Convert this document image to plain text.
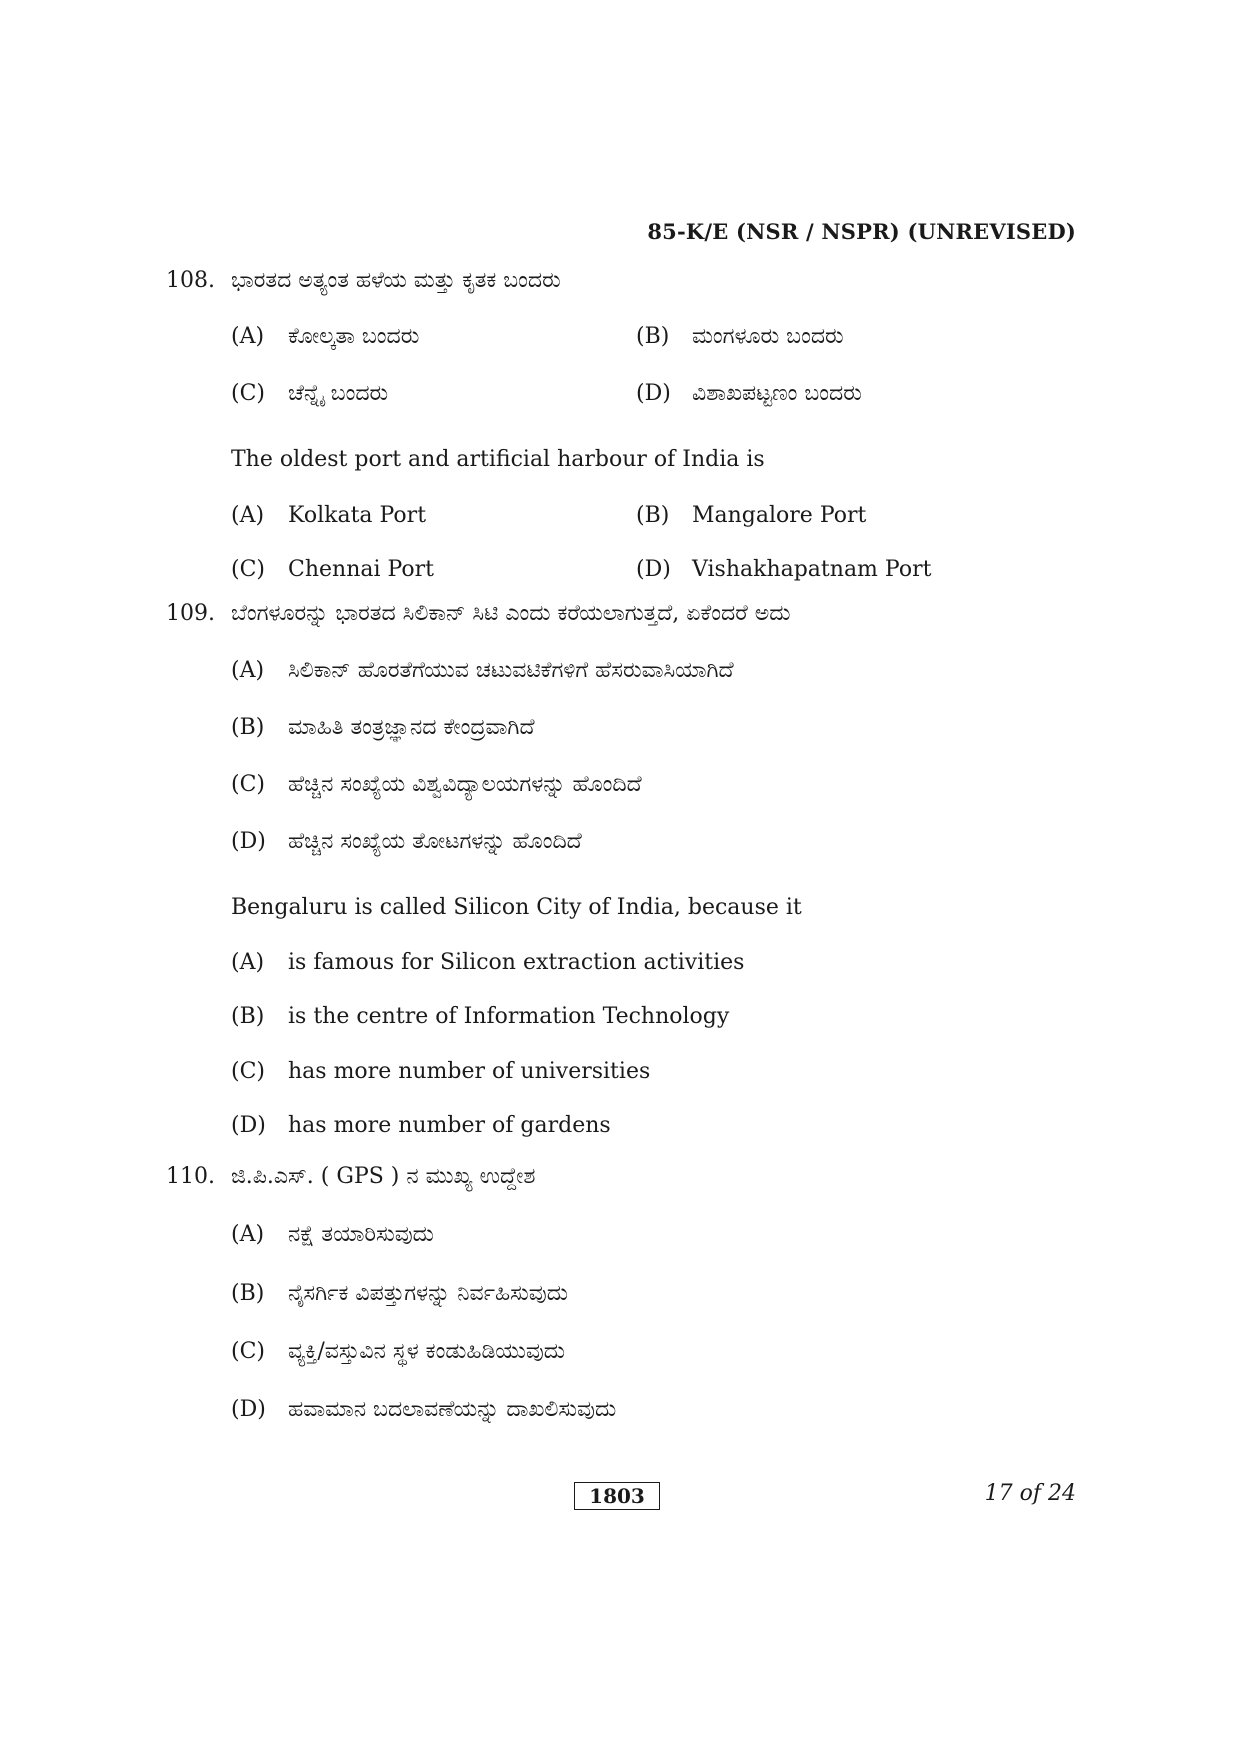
85-K/E (NSR / NSPR) (UNREVISED)
108. ಭಾರತದ ಅತ್ಯಂತ ಹಳೆಯ ಮತ್ತು ಕೃತಕ ಬಂದರು
(A) ಕೋಲ್ಕತಾ ಬಂದರು	(B) ಮಂಗಳೂರು ಬಂದರು
(C) ಚೆನ್ನೈ ಬಂದರು	(D) ವಿಶಾಖಪಟ್ಟಣಂ ಬಂದರು
The oldest port and artificial harbour of India is
(A) Kolkata Port	(B) Mangalore Port
(C) Chennai Port	(D) Vishakhapatnam Port
109. ಬೆಂಗಳೂರನ್ನು ಭಾರತದ ಸಿಲಿಕಾನ್ ಸಿಟಿ ಎಂದು ಕರೆಯಲಾಗುತ್ತದೆ, ಏಕೆಂದರೆ ಅದು
(A) ಸಿಲಿಕಾನ್ ಹೊರತೆಗೆಯುವ ಚಟುವಟಿಕೆಗಳಿಗೆ ಹೆಸರುವಾಸಿಯಾಗಿದೆ
(B) ಮಾಹಿತಿ ತಂತ್ರಜ್ಞಾನದ ಕೇಂದ್ರವಾಗಿದೆ
(C) ಹೆಚ್ಚಿನ ಸಂಖ್ಯೆಯ ವಿಶ್ವವಿದ್ಯಾಲಯಗಳನ್ನು ಹೊಂದಿದೆ
(D) ಹೆಚ್ಚಿನ ಸಂಖ್ಯೆಯ ತೋಟಗಳನ್ನು ಹೊಂದಿದೆ
Bengaluru is called Silicon City of India, because it
(A) is famous for Silicon extraction activities
(B) is the centre of Information Technology
(C) has more number of universities
(D) has more number of gardens
110. ಜಿ.ಪಿ.ಎಸ್. ( GPS ) ನ ಮುಖ್ಯ ಉದ್ದೇಶ
(A) ನಕ್ಷೆ ತಯಾರಿಸುವುದು
(B) ನೈಸರ್ಗಿಕ ವಿಪತ್ತುಗಳನ್ನು ನಿರ್ವಹಿಸುವುದು
(C) ವ್ಯಕ್ತಿ/ವಸ್ತುವಿನ ಸ್ಥಳ ಕಂಡುಹಿಡಿಯುವುದು
(D) ಹವಾಮಾನ ಬದಲಾವಣೆಯನ್ನು ದಾಖಲಿಸುವುದು
1803	17 of 24
